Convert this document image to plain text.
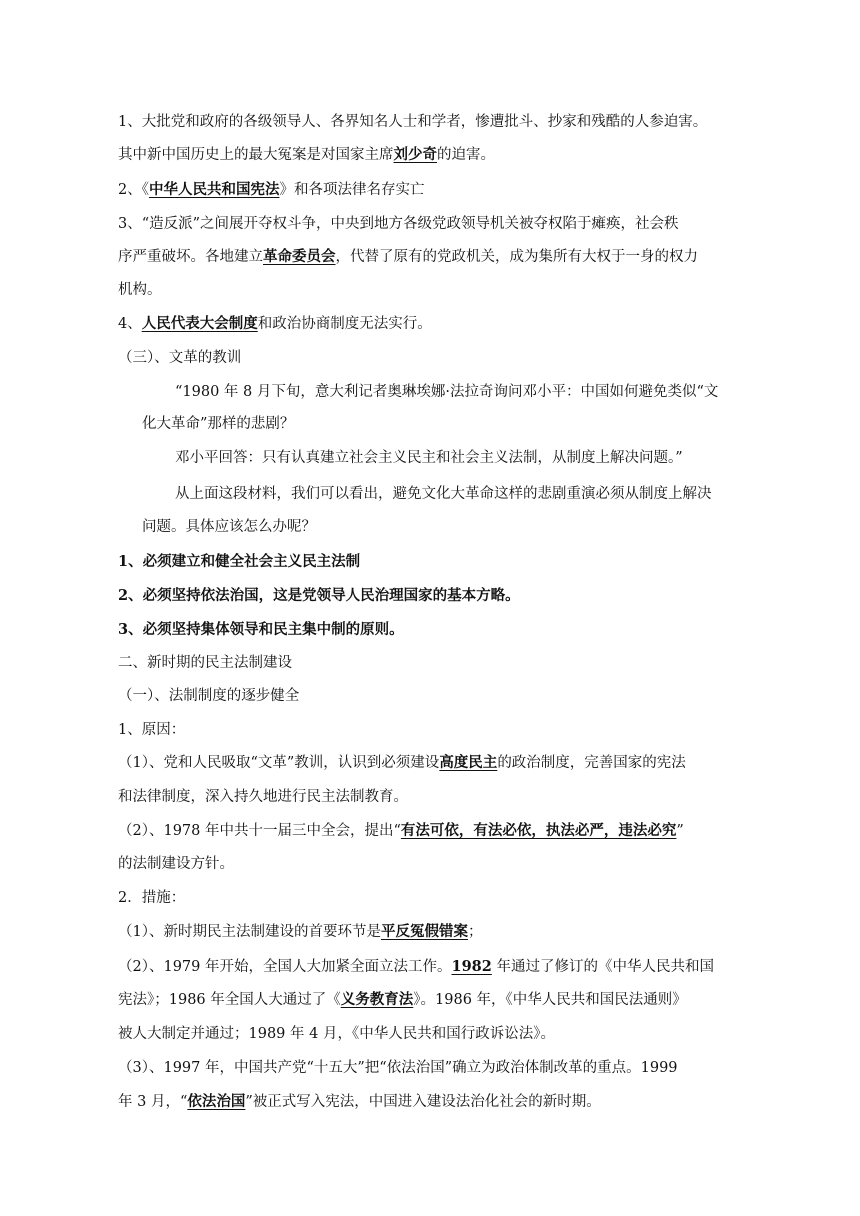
1、大批党和政府的各级领导人、各界知名人士和学者，惨遭批斗、抄家和残酷的人参迫害。
其中新中国历史上的最大冤案是对国家主席刘少奇的迫害。
2、《中华人民共和国宪法》和各项法律名存实亡
3、“造反派”之间展开夺权斗争，中央到地方各级党政领导机关被夺权陷于瘫痪，社会秩
序严重破坏。各地建立革命委员会，代替了原有的党政机关，成为集所有大权于一身的权力
机构。
4、人民代表大会制度和政治协商制度无法实行。
（三）、文革的教训
“1980 年 8 月下旬，意大利记者奥琳埃娜·法拉奇询问邓小平：中国如何避免类似“文
化大革命”那样的悲剧？
邓小平回答：只有认真建立社会主义民主和社会主义法制，从制度上解决问题。”
从上面这段材料，我们可以看出，避免文化大革命这样的悲剧重演必须从制度上解决
问题。具体应该怎么办呢？
1、必须建立和健全社会主义民主法制
2、必须坚持依法治国，这是党领导人民治理国家的基本方略。
3、必须坚持集体领导和民主集中制的原则。
二、新时期的民主法制建设
（一）、法制制度的逐步健全
1、原因：
（1）、党和人民吸取“文革”教训，认识到必须建设高度民主的政治制度，完善国家的宪法
和法律制度，深入持久地进行民主法制教育。
（2）、1978 年中共十一届三中全会，提出“有法可依，有法必依，执法必严，违法必究”
的法制建设方针。
2．措施：
（1）、新时期民主法制建设的首要环节是平反冤假错案；
（2）、1979 年开始，全国人大加紧全面立法工作。1982 年通过了修订的《中华人民共和国
宪法》；1986 年全国人大通过了《义务教育法》。1986 年，《中华人民共和国民法通则》
被人大制定并通过；1989 年 4 月，《中华人民共和国行政诉讼法》。
（3）、1997 年，中国共产党“十五大”把“依法治国”确立为政治体制改革的重点。1999
年 3 月，“依法治国”被正式写入宪法，中国进入建设法治化社会的新时期。
